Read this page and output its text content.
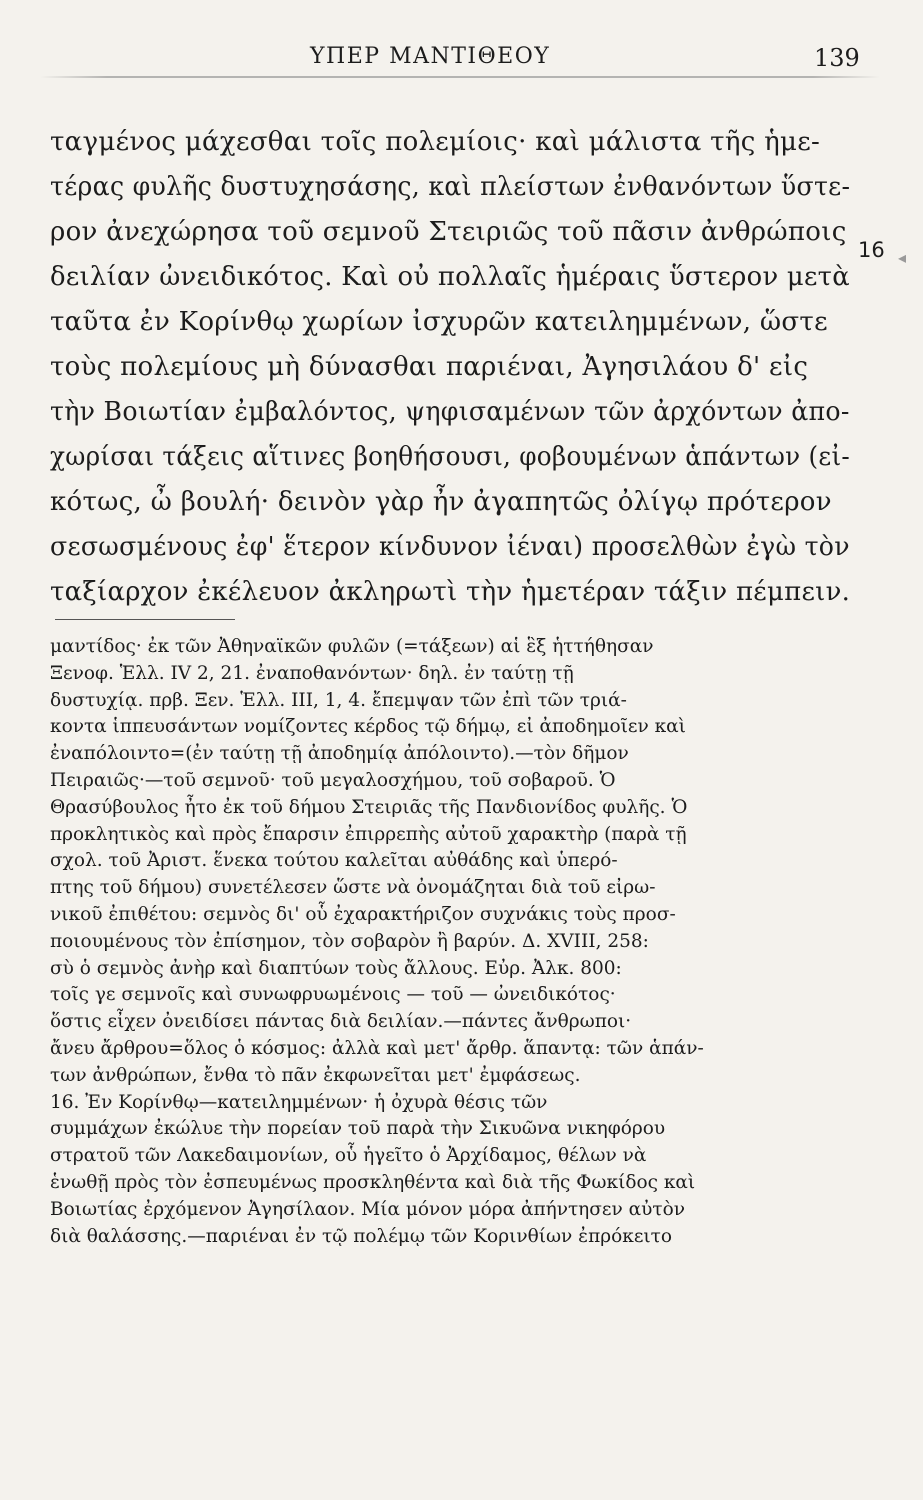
ΥΠΕΡ ΜΑΝΤΙΘΕΟΥ	139
ταγμένος μάχεσθαι τοῖς πολεμίοις· καὶ μάλιστα τῆς ἡμε-
τέρας φυλῆς δυστυχησάσης, καὶ πλείστων ἐνθανόντων ὕστε-
ρον ἀνεχώρησα τοῦ σεμνοῦ Στειριῶς τοῦ πᾶσιν ἀνθρώποις
δειλίαν ὠνειδικότος. Καὶ οὐ πολλαῖς ἡμέραις ὕστερον μετὰ
ταῦτα ἐν Κορίνθῳ χωρίων ἰσχυρῶν κατειλημμένων, ὥστε
τοὺς πολεμίους μὴ δύνασθαι παριέναι, Ἀγησιλάου δ' εἰς
τὴν Βοιωτίαν ἐμβαλόντος, ψηφισαμένων τῶν ἀρχόντων ἀπο-
χωρίσαι τάξεις αἵτινες βοηθήσουσι, φοβουμένων ἁπάντων (εἰ-
κότως, ὦ βουλή· δεινὸν γὰρ ἦν ἀγαπητῶς ὀλίγῳ πρότερον
σεσωσμένους ἐφ' ἕτερον κίνδυνον ἰέναι) προσελθὼν ἐγὼ τὸν
ταξίαρχον ἐκέλευον ἀκληρωτὶ τὴν ἡμετέραν τάξιν πέμπειν.
16 ◂
μαντίδος· ἐκ τῶν Ἀθηναϊκῶν φυλῶν (=τάξεων) αἱ ἓξ ἡττήθησαν
Ξενοφ. Ἑλλ. IV 2, 21. ἐναποθανόντων· δηλ. ἐν ταύτῃ τῇ
δυστυχίᾳ. πρβ. Ξεν. Ἑλλ. III, 1, 4. ἔπεμψαν τῶν ἐπὶ τῶν τριά-
κοντα ἱππευσάντων νομίζοντες κέρδος τῷ δήμῳ, εἰ ἀποδημοῖεν καὶ
ἐναπόλοιντο=(ἐν ταύτῃ τῇ ἀποδημίᾳ ἀπόλοιντο).—τὸν δῆμον
Πειραιῶς·—τοῦ σεμνοῦ· τοῦ μεγαλοσχήμου, τοῦ σοβαροῦ. Ὁ
Θρασύβουλος ἦτο ἐκ τοῦ δήμου Στειριᾶς τῆς Πανδιονίδος φυλῆς. Ὁ
προκλητικὸς καὶ πρὸς ἔπαρσιν ἐπιρρεπὴς αὐτοῦ χαρακτὴρ (παρὰ τῇ
σχολ. τοῦ Ἀριστ. ἕνεκα τούτου καλεῖται αὐθάδης καὶ ὑπερό-
πτης τοῦ δήμου) συνετέλεσεν ὥστε νὰ ὀνομάζηται διὰ τοῦ εἰρω-
νικοῦ ἐπιθέτου: σεμνὸς δι' οὗ ἐχαρακτήριζον συχνάκις τοὺς προσ-
ποιουμένους τὸν ἐπίσημον, τὸν σοβαρὸν ἢ βαρύν. Δ. XVIII, 258:
σὺ ὁ σεμνὸς ἀνὴρ καὶ διαπτύων τοὺς ἄλλους. Εὐρ. Ἀλκ. 800:
τοῖς γε σεμνοῖς καὶ συνωφρυωμένοις — τοῦ — ὠνειδικότος·
ὅστις εἶχεν ὀνειδίσει πάντας διὰ δειλίαν.—πάντες ἄνθρωποι·
ἄνευ ἄρθρου=ὅλος ὁ κόσμος: ἀλλὰ καὶ μετ' ἄρθρ. ἅπαντᾳ: τῶν ἁπάν-
των ἀνθρώπων, ἔνθα τὸ πᾶν ἐκφωνεῖται μετ' ἐμφάσεως.
16. Ἐν Κορίνθῳ—κατειλημμένων· ἡ ὀχυρὰ θέσις τῶν
συμμάχων ἐκώλυε τὴν πορείαν τοῦ παρὰ τὴν Σικυῶνα νικηφόρου
στρατοῦ τῶν Λακεδαιμονίων, οὗ ἡγεῖτο ὁ Ἀρχίδαμος, θέλων νὰ
ἑνωθῇ πρὸς τὸν ἐσπευμένως προσκληθέντα καὶ διὰ τῆς Φωκίδος καὶ
Βοιωτίας ἐρχόμενον Ἀγησίλαον. Μία μόνον μόρα ἀπήντησεν αὐτὸν
διὰ θαλάσσης.—παριέναι ἐν τῷ πολέμῳ τῶν Κορινθίων ἐπρόκειτο
